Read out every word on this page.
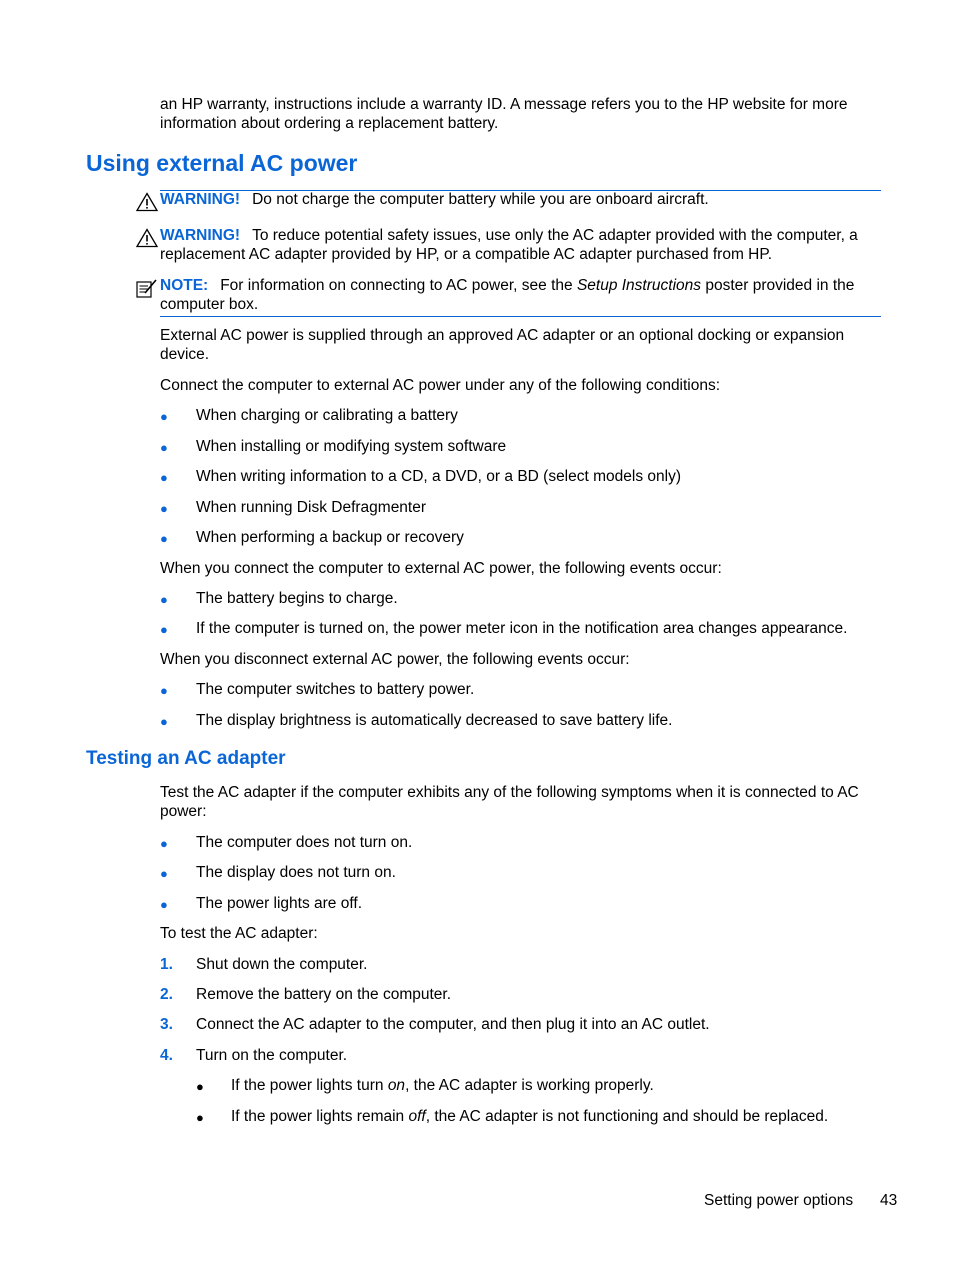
an HP warranty, instructions include a warranty ID. A message refers you to the HP website for more information about ordering a replacement battery.

Using external AC power

WARNING! Do not charge the computer battery while you are onboard aircraft.

WARNING! To reduce potential safety issues, use only the AC adapter provided with the computer, a replacement AC adapter provided by HP, or a compatible AC adapter purchased from HP.

NOTE: For information on connecting to AC power, see the Setup Instructions poster provided in the computer box.

External AC power is supplied through an approved AC adapter or an optional docking or expansion device.

Connect the computer to external AC power under any of the following conditions:

●	When charging or calibrating a battery

●	When installing or modifying system software

●	When writing information to a CD, a DVD, or a BD (select models only)

●	When running Disk Defragmenter

●	When performing a backup or recovery

When you connect the computer to external AC power, the following events occur:

●	The battery begins to charge.

●	If the computer is turned on, the power meter icon in the notification area changes appearance.

When you disconnect external AC power, the following events occur:

●	The computer switches to battery power.

●	The display brightness is automatically decreased to save battery life.

Testing an AC adapter

Test the AC adapter if the computer exhibits any of the following symptoms when it is connected to AC power:

●	The computer does not turn on.

●	The display does not turn on.

●	The power lights are off.

To test the AC adapter:

1. Shut down the computer.

2. Remove the battery on the computer.

3. Connect the AC adapter to the computer, and then plug it into an AC outlet.

4. Turn on the computer.

●	If the power lights turn on, the AC adapter is working properly.

●	If the power lights remain off, the AC adapter is not functioning and should be replaced.

Setting power options 43
